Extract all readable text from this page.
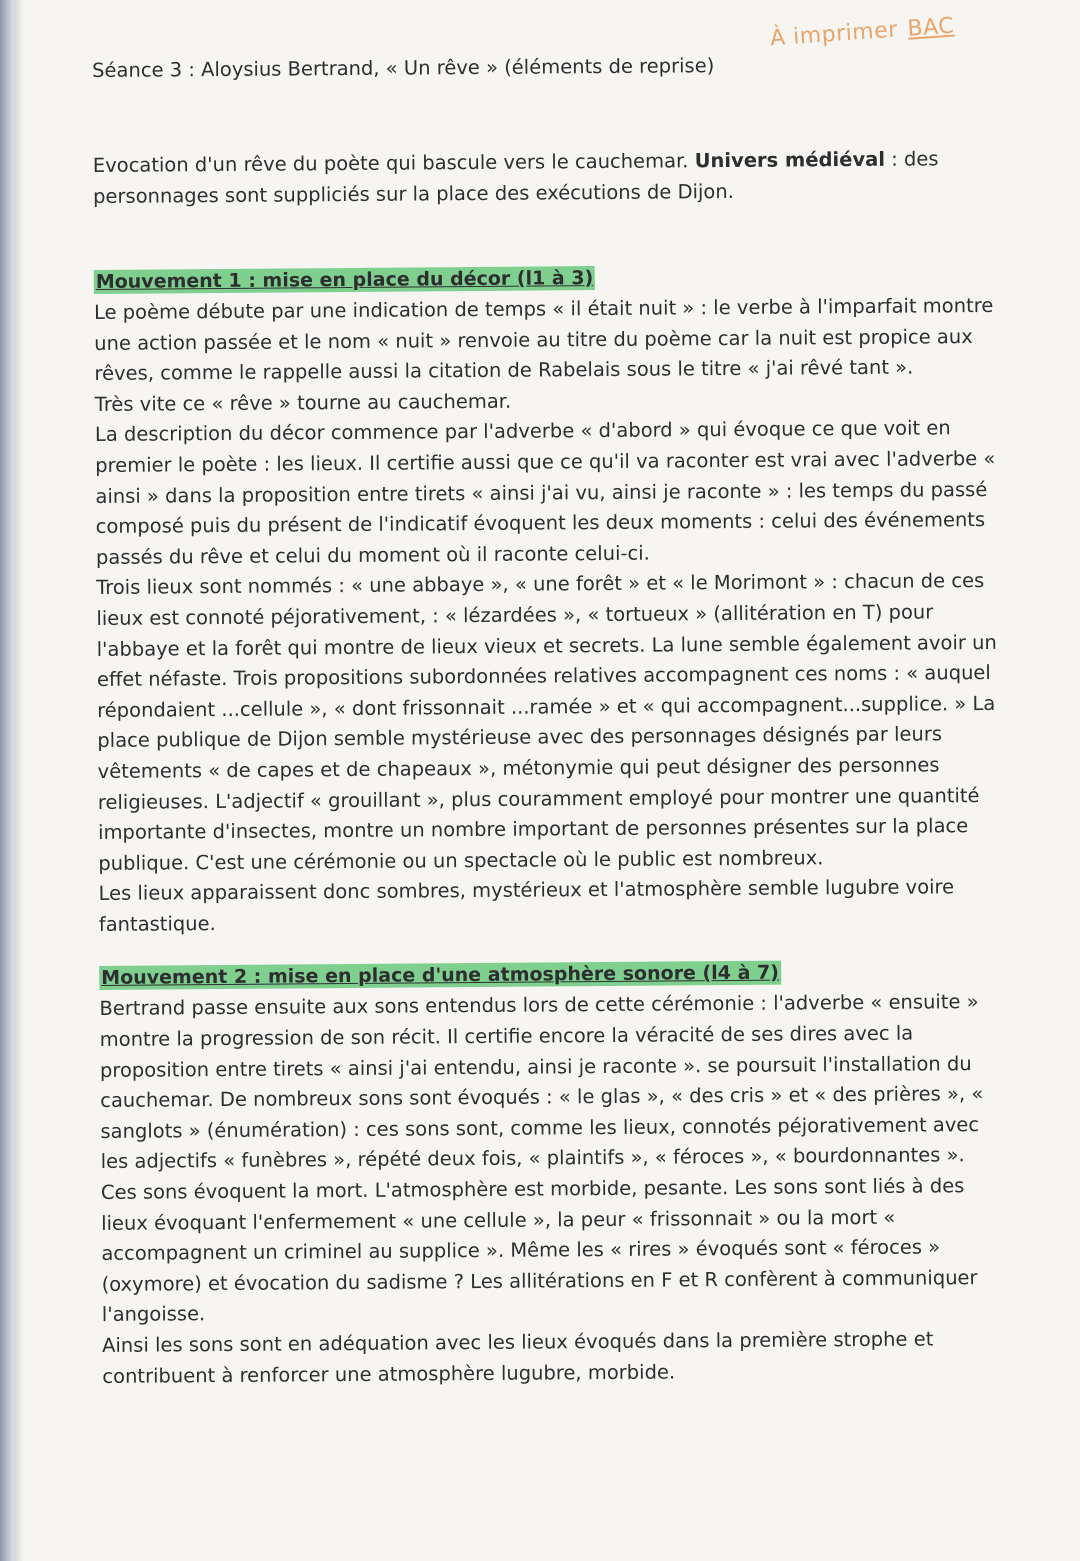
À imprimer BAC

Séance 3 : Aloysius Bertrand, « Un rêve » (éléments de reprise)

Evocation d'un rêve du poète qui bascule vers le cauchemar. Univers médiéval : des personnages sont suppliciés sur la place des exécutions de Dijon.

Mouvement 1 : mise en place du décor (l1 à 3)

Le poème débute par une indication de temps « il était nuit » : le verbe à l'imparfait montre une action passée et le nom « nuit » renvoie au titre du poème car la nuit est propice aux rêves, comme le rappelle aussi la citation de Rabelais sous le titre « j'ai rêvé tant ».

Très vite ce « rêve » tourne au cauchemar.

La description du décor commence par l'adverbe « d'abord » qui évoque ce que voit en premier le poète : les lieux. Il certifie aussi que ce qu'il va raconter est vrai avec l'adverbe « ainsi » dans la proposition entre tirets « ainsi j'ai vu, ainsi je raconte » : les temps du passé composé puis du présent de l'indicatif évoquent les deux moments : celui des événements passés du rêve et celui du moment où il raconte celui-ci.

Trois lieux sont nommés : « une abbaye », « une forêt » et « le Morimont » : chacun de ces lieux est connoté péjorativement, : « lézardées », « tortueux » (allitération en T) pour l'abbaye et la forêt qui montre de lieux vieux et secrets. La lune semble également avoir un effet néfaste. Trois propositions subordonnées relatives accompagnent ces noms : « auquel répondaient ...cellule », « dont frissonnait ...ramée » et « qui accompagnent...supplice. » La place publique de Dijon semble mystérieuse avec des personnages désignés par leurs vêtements « de capes et de chapeaux », métonymie qui peut désigner des personnes religieuses. L'adjectif « grouillant », plus couramment employé pour montrer une quantité importante d'insectes, montre un nombre important de personnes présentes sur la place publique. C'est une cérémonie ou un spectacle où le public est nombreux.

Les lieux apparaissent donc sombres, mystérieux et l'atmosphère semble lugubre voire fantastique.

Mouvement 2 : mise en place d'une atmosphère sonore (l4 à 7)

Bertrand passe ensuite aux sons entendus lors de cette cérémonie : l'adverbe « ensuite » montre la progression de son récit. Il certifie encore la véracité de ses dires avec la proposition entre tirets « ainsi j'ai entendu, ainsi je raconte ». se poursuit l'installation du cauchemar. De nombreux sons sont évoqués : « le glas », « des cris » et « des prières », « sanglots » (énumération) : ces sons sont, comme les lieux, connotés péjorativement avec les adjectifs « funèbres », répété deux fois, « plaintifs », « féroces », « bourdonnantes ». Ces sons évoquent la mort. L'atmosphère est morbide, pesante. Les sons sont liés à des lieux évoquant l'enfermement « une cellule », la peur « frissonnait » ou la mort « accompagnent un criminel au supplice ». Même les « rires » évoqués sont « féroces » (oxymore) et évocation du sadisme ? Les allitérations en F et R confèrent à communiquer l'angoisse.

Ainsi les sons sont en adéquation avec les lieux évoqués dans la première strophe et contribuent à renforcer une atmosphère lugubre, morbide.
